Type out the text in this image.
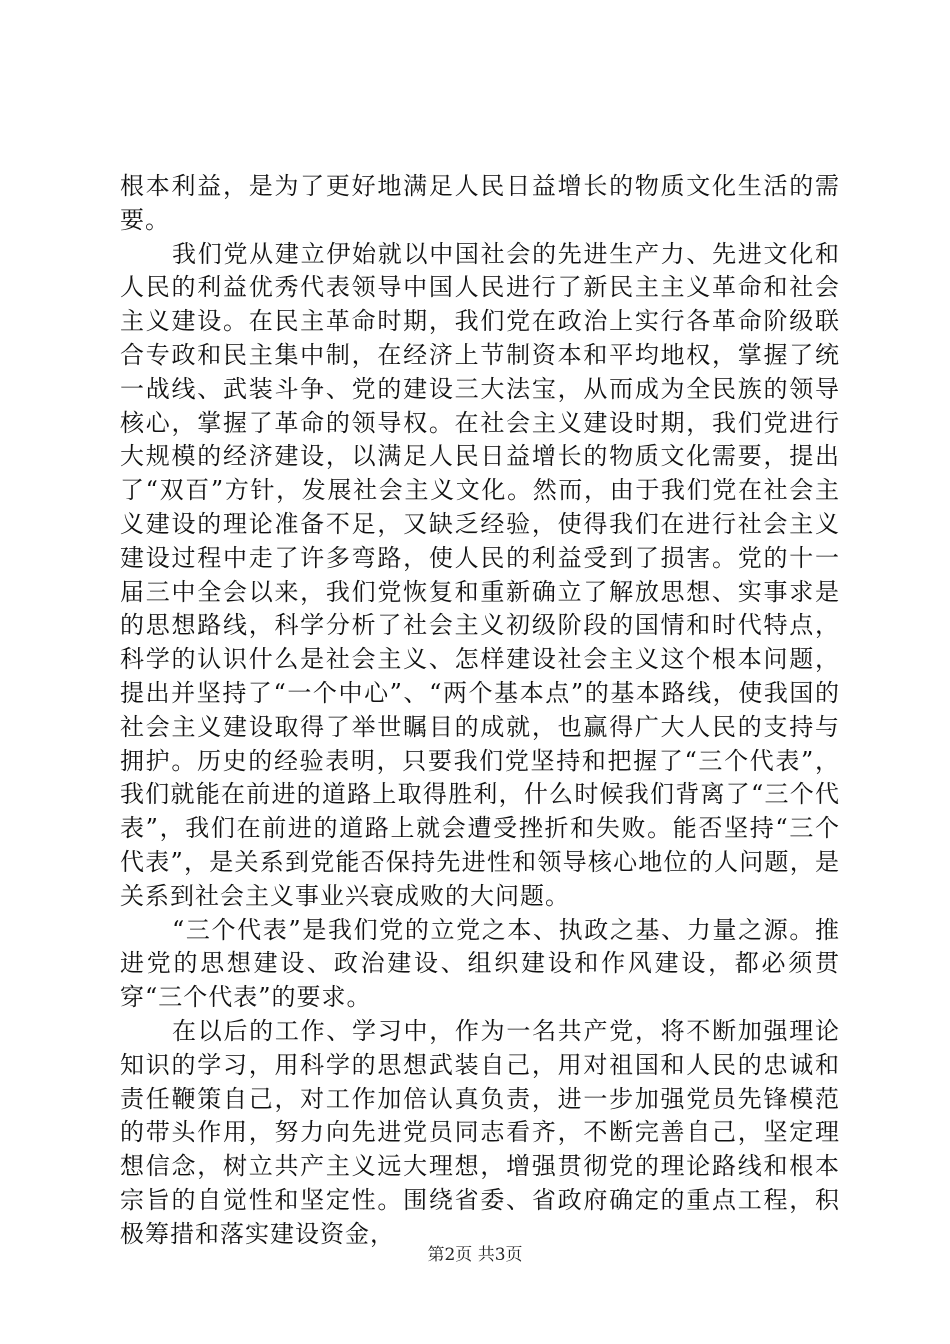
根本利益，是为了更好地满足人民日益增长的物质文化生活的需要。

我们党从建立伊始就以中国社会的先进生产力、先进文化和人民的利益优秀代表领导中国人民进行了新民主主义革命和社会主义建设。在民主革命时期，我们党在政治上实行各革命阶级联合专政和民主集中制，在经济上节制资本和平均地权，掌握了统一战线、武装斗争、党的建设三大法宝，从而成为全民族的领导核心，掌握了革命的领导权。在社会主义建设时期，我们党进行大规模的经济建设，以满足人民日益增长的物质文化需要，提出了“双百”方针，发展社会主义文化。然而，由于我们党在社会主义建设的理论准备不足，又缺乏经验，使得我们在进行社会主义建设过程中走了许多弯路，使人民的利益受到了损害。党的十一届三中全会以来，我们党恢复和重新确立了解放思想、实事求是的思想路线，科学分析了社会主义初级阶段的国情和时代特点，科学的认识什么是社会主义、怎样建设社会主义这个根本问题，提出并坚持了“一个中心”、“两个基本点”的基本路线，使我国的社会主义建设取得了举世瞩目的成就，也赢得广大人民的支持与拥护。历史的经验表明，只要我们党坚持和把握了“三个代表”，我们就能在前进的道路上取得胜利，什么时候我们背离了“三个代表”，我们在前进的道路上就会遭受挫折和失败。能否坚持“三个代表”，是关系到党能否保持先进性和领导核心地位的人问题，是关系到社会主义事业兴衰成败的大问题。

“三个代表”是我们党的立党之本、执政之基、力量之源。推进党的思想建设、政治建设、组织建设和作风建设，都必须贯穿“三个代表”的要求。

在以后的工作、学习中，作为一名共产党，将不断加强理论知识的学习，用科学的思想武装自己，用对祖国和人民的忠诚和责任鞭策自己，对工作加倍认真负责，进一步加强党员先锋模范的带头作用，努力向先进党员同志看齐，不断完善自己，坚定理想信念，树立共产主义远大理想，增强贯彻党的理论路线和根本宗旨的自觉性和坚定性。围绕省委、省政府确定的重点工程，积极筹措和落实建设资金，

第2页 共3页
